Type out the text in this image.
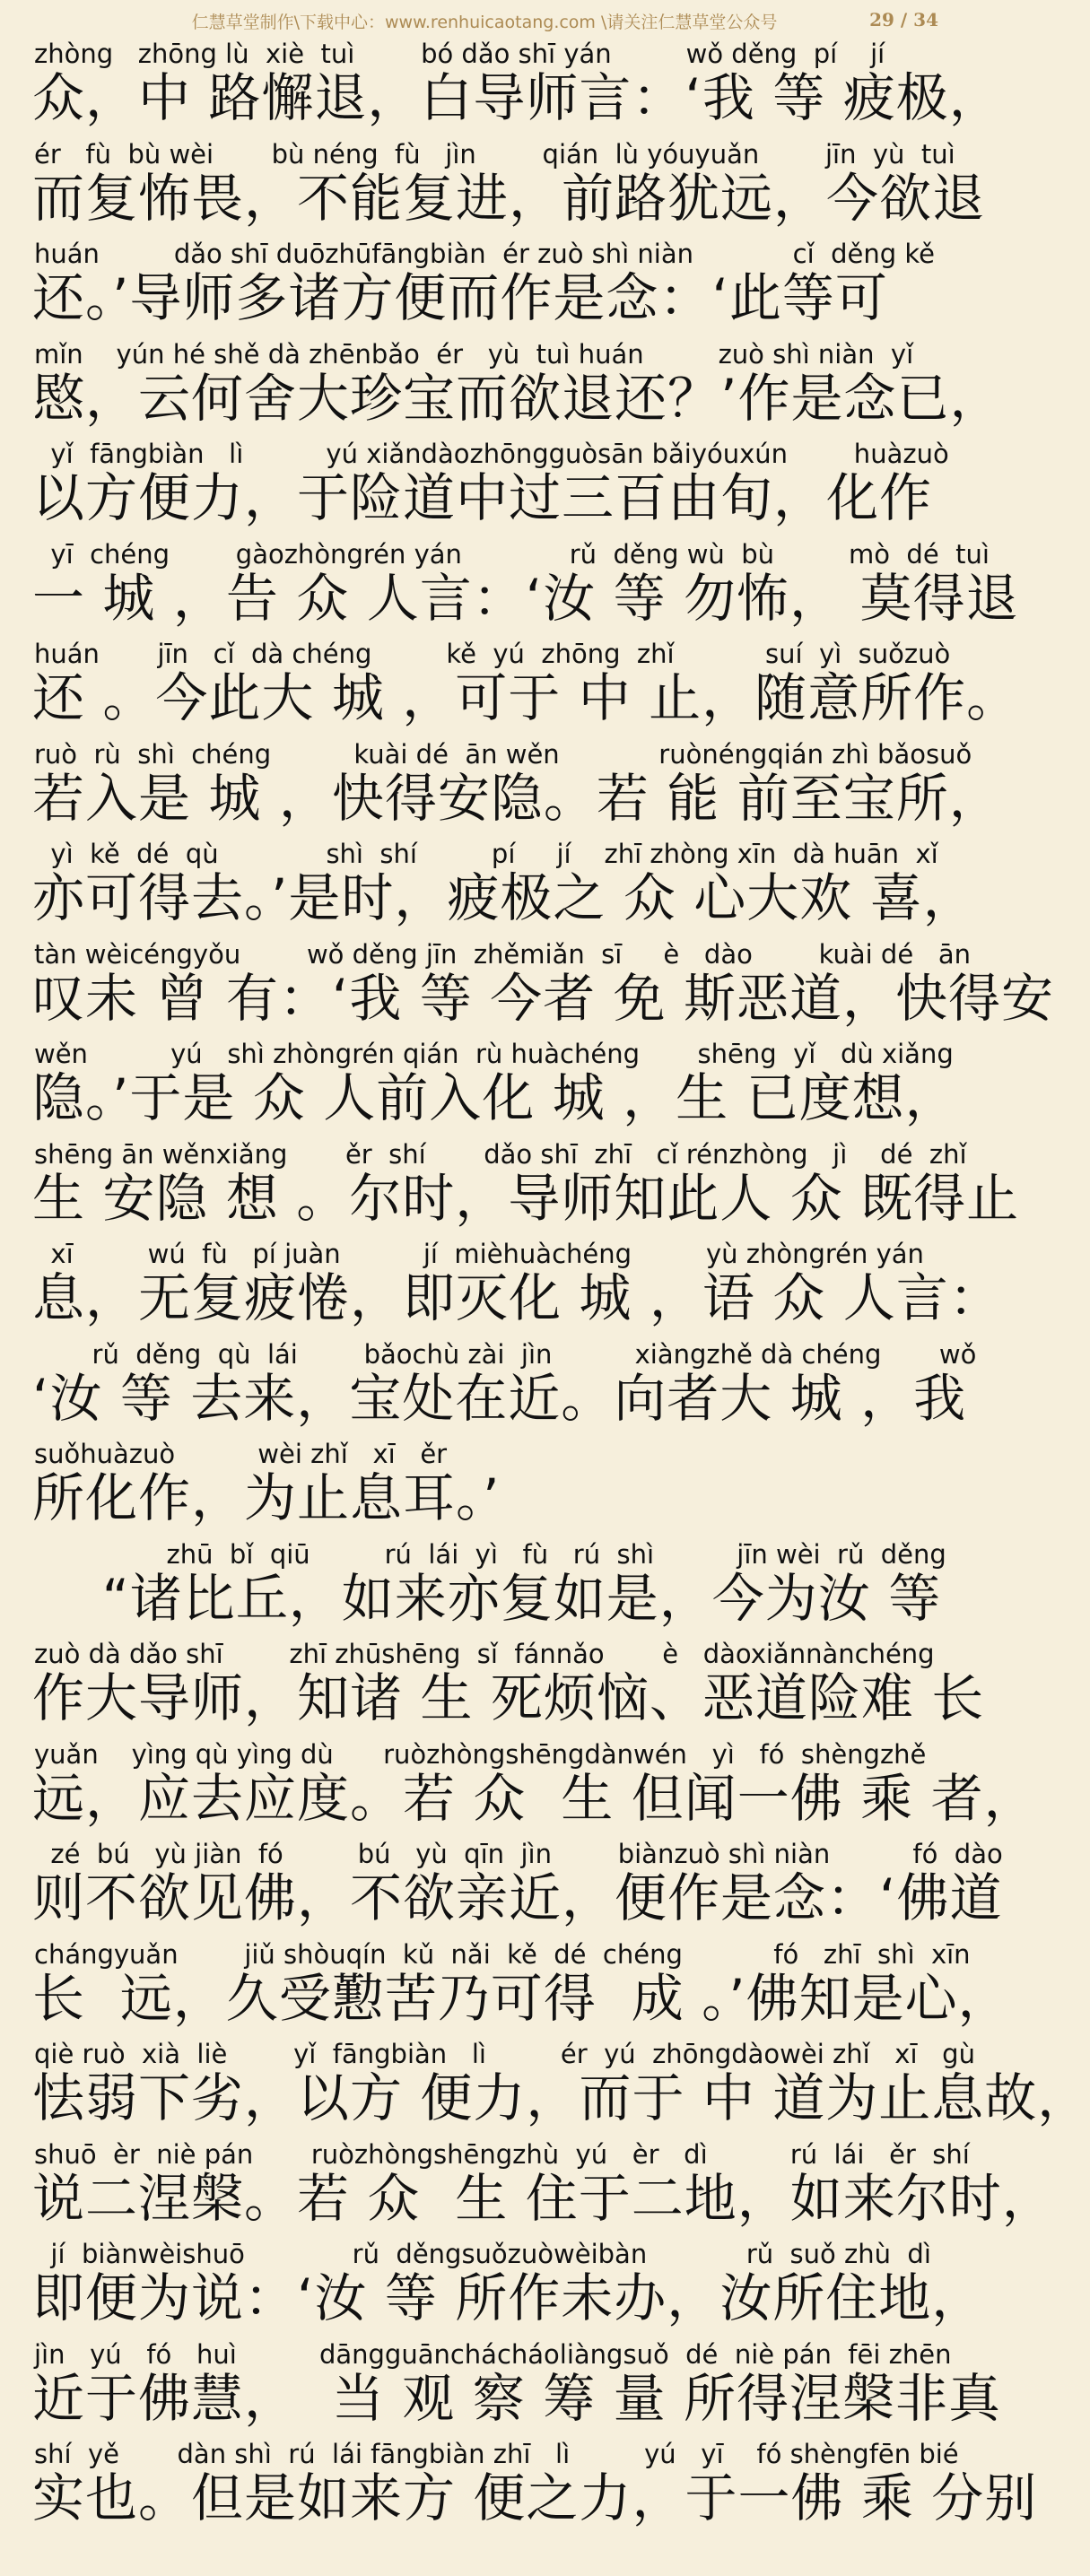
仁慧草堂制作\下载中心：www.renhuicaotang.com \请关注仁慧草堂公众号	29 / 34
zhòng   zhōng lù  xiè  tuì        bó dǎo shī yán         wǒ děng  pí    jí
众，中 路懈退，白导师言：‘我 等 疲极，
ér   fù  bù wèi       bù néng  fù   jìn        qián  lù yóuyuǎn        jīn  yù  tuì
而复怖畏，不能复进，前路犹远，今欲退
huán         dǎo shī duōzhūfāngbiàn  ér zuò shì niàn            cǐ  děng kě
还。’导师多诸方便而作是念：‘此等可
mǐn    yún hé shě dà zhēnbǎo  ér   yù  tuì huán         zuò shì niàn  yǐ
愍，云何舍大珍宝而欲退还？’作是念已，
yǐ  fāngbiàn   lì          yú xiǎndàozhōngguòsān bǎiyóuxún        huàzuò
以方便力，于险道中过三百由旬，化作
yī  chéng        gàozhòngrén yán             rǔ  děng wù  bù         mò  dé  tuì
一 城 ，告 众 人言：‘汝 等 勿怖， 莫得退
huán       jīn   cǐ  dà chéng         kě  yú  zhōng  zhǐ           suí  yì  suǒzuò
还 。今此大 城 ，可于 中 止，随意所作。
ruò  rù  shì  chéng          kuài dé  ān wěn            ruònéngqián zhì bǎosuǒ
若入是 城 ，快得安隐。若 能 前至宝所，
yì  kě  dé  qù             shì  shí         pí     jí    zhī zhòng xīn  dà huān  xǐ
亦可得去。’是时，疲极之 众 心大欢 喜，
tàn wèicéngyǒu        wǒ děng jīn  zhěmiǎn  sī     è   dào        kuài dé   ān
叹未 曾 有：‘我 等 今者 免 斯恶道，快得安
wěn          yú   shì zhòngrén qián  rù huàchéng       shēng  yǐ   dù xiǎng
隐。’于是 众 人前入化 城 ，生 已度想，
shēng ān wěnxiǎng       ěr  shí       dǎo shī  zhī   cǐ rénzhòng   jì    dé  zhǐ
生 安隐 想 。尔时，导师知此人 众 既得止
xī         wú  fù   pí juàn          jí  mièhuàchéng         yù zhòngrén yán
息，无复疲惓，即灭化 城 ，语 众 人言：
rǔ  děng  qù  lái        bǎochù zài  jìn          xiàngzhě dà chéng       wǒ
‘汝 等 去来，宝处在近。向者大 城 ，我
suǒhuàzuò          wèi zhǐ   xī   ěr
所化作，为止息耳。’
zhū  bǐ  qiū         rú  lái  yì   fù   rú  shì          jīn wèi  rǔ  děng
“诸比丘，如来亦复如是，今为汝 等
zuò dà dǎo shī        zhī zhūshēng  sǐ  fánnǎo       è   dàoxiǎnnànchéng
作大导师，知诸 生 死烦恼、恶道险难 长
yuǎn    yìng qù yìng dù      ruòzhòngshēngdànwén   yì   fó  shèngzhě
远，应去应度。若 众  生 但闻一佛 乘 者，
zé  bú   yù jiàn  fó         bú   yù  qīn  jìn        biànzuò shì niàn          fó  dào
则不欲见佛，不欲亲近，便作是念：‘佛道
chángyuǎn        jiǔ shòuqín  kǔ  nǎi  kě  dé  chéng           fó   zhī  shì  xīn
长  远，久受懃苦乃可得  成 。’佛知是心，
qiè ruò  xià  liè        yǐ  fāngbiàn   lì         ér  yú  zhōngdàowèi zhǐ   xī   gù
怯弱下劣，以方 便力，而于 中 道为止息故，
shuō  èr  niè pán       ruòzhòngshēngzhù  yú   èr   dì          rú  lái   ěr  shí
说二涅槃。若 众  生 住于二地，如来尔时，
jí  biànwèishuō             rǔ  děngsuǒzuòwèibàn            rǔ  suǒ zhù  dì
即便为说：‘汝 等 所作未办，汝所住地，
jìn   yú   fó   huì          dāngguānchácháoliàngsuǒ  dé  niè pán  fēi zhēn
近于佛慧，  当 观 察 筹 量 所得涅槃非真
shí  yě       dàn shì  rú  lái fāngbiàn zhī   lì         yú   yī    fó shèngfēn bié
实也。但是如来方 便之力，于一佛 乘 分别
